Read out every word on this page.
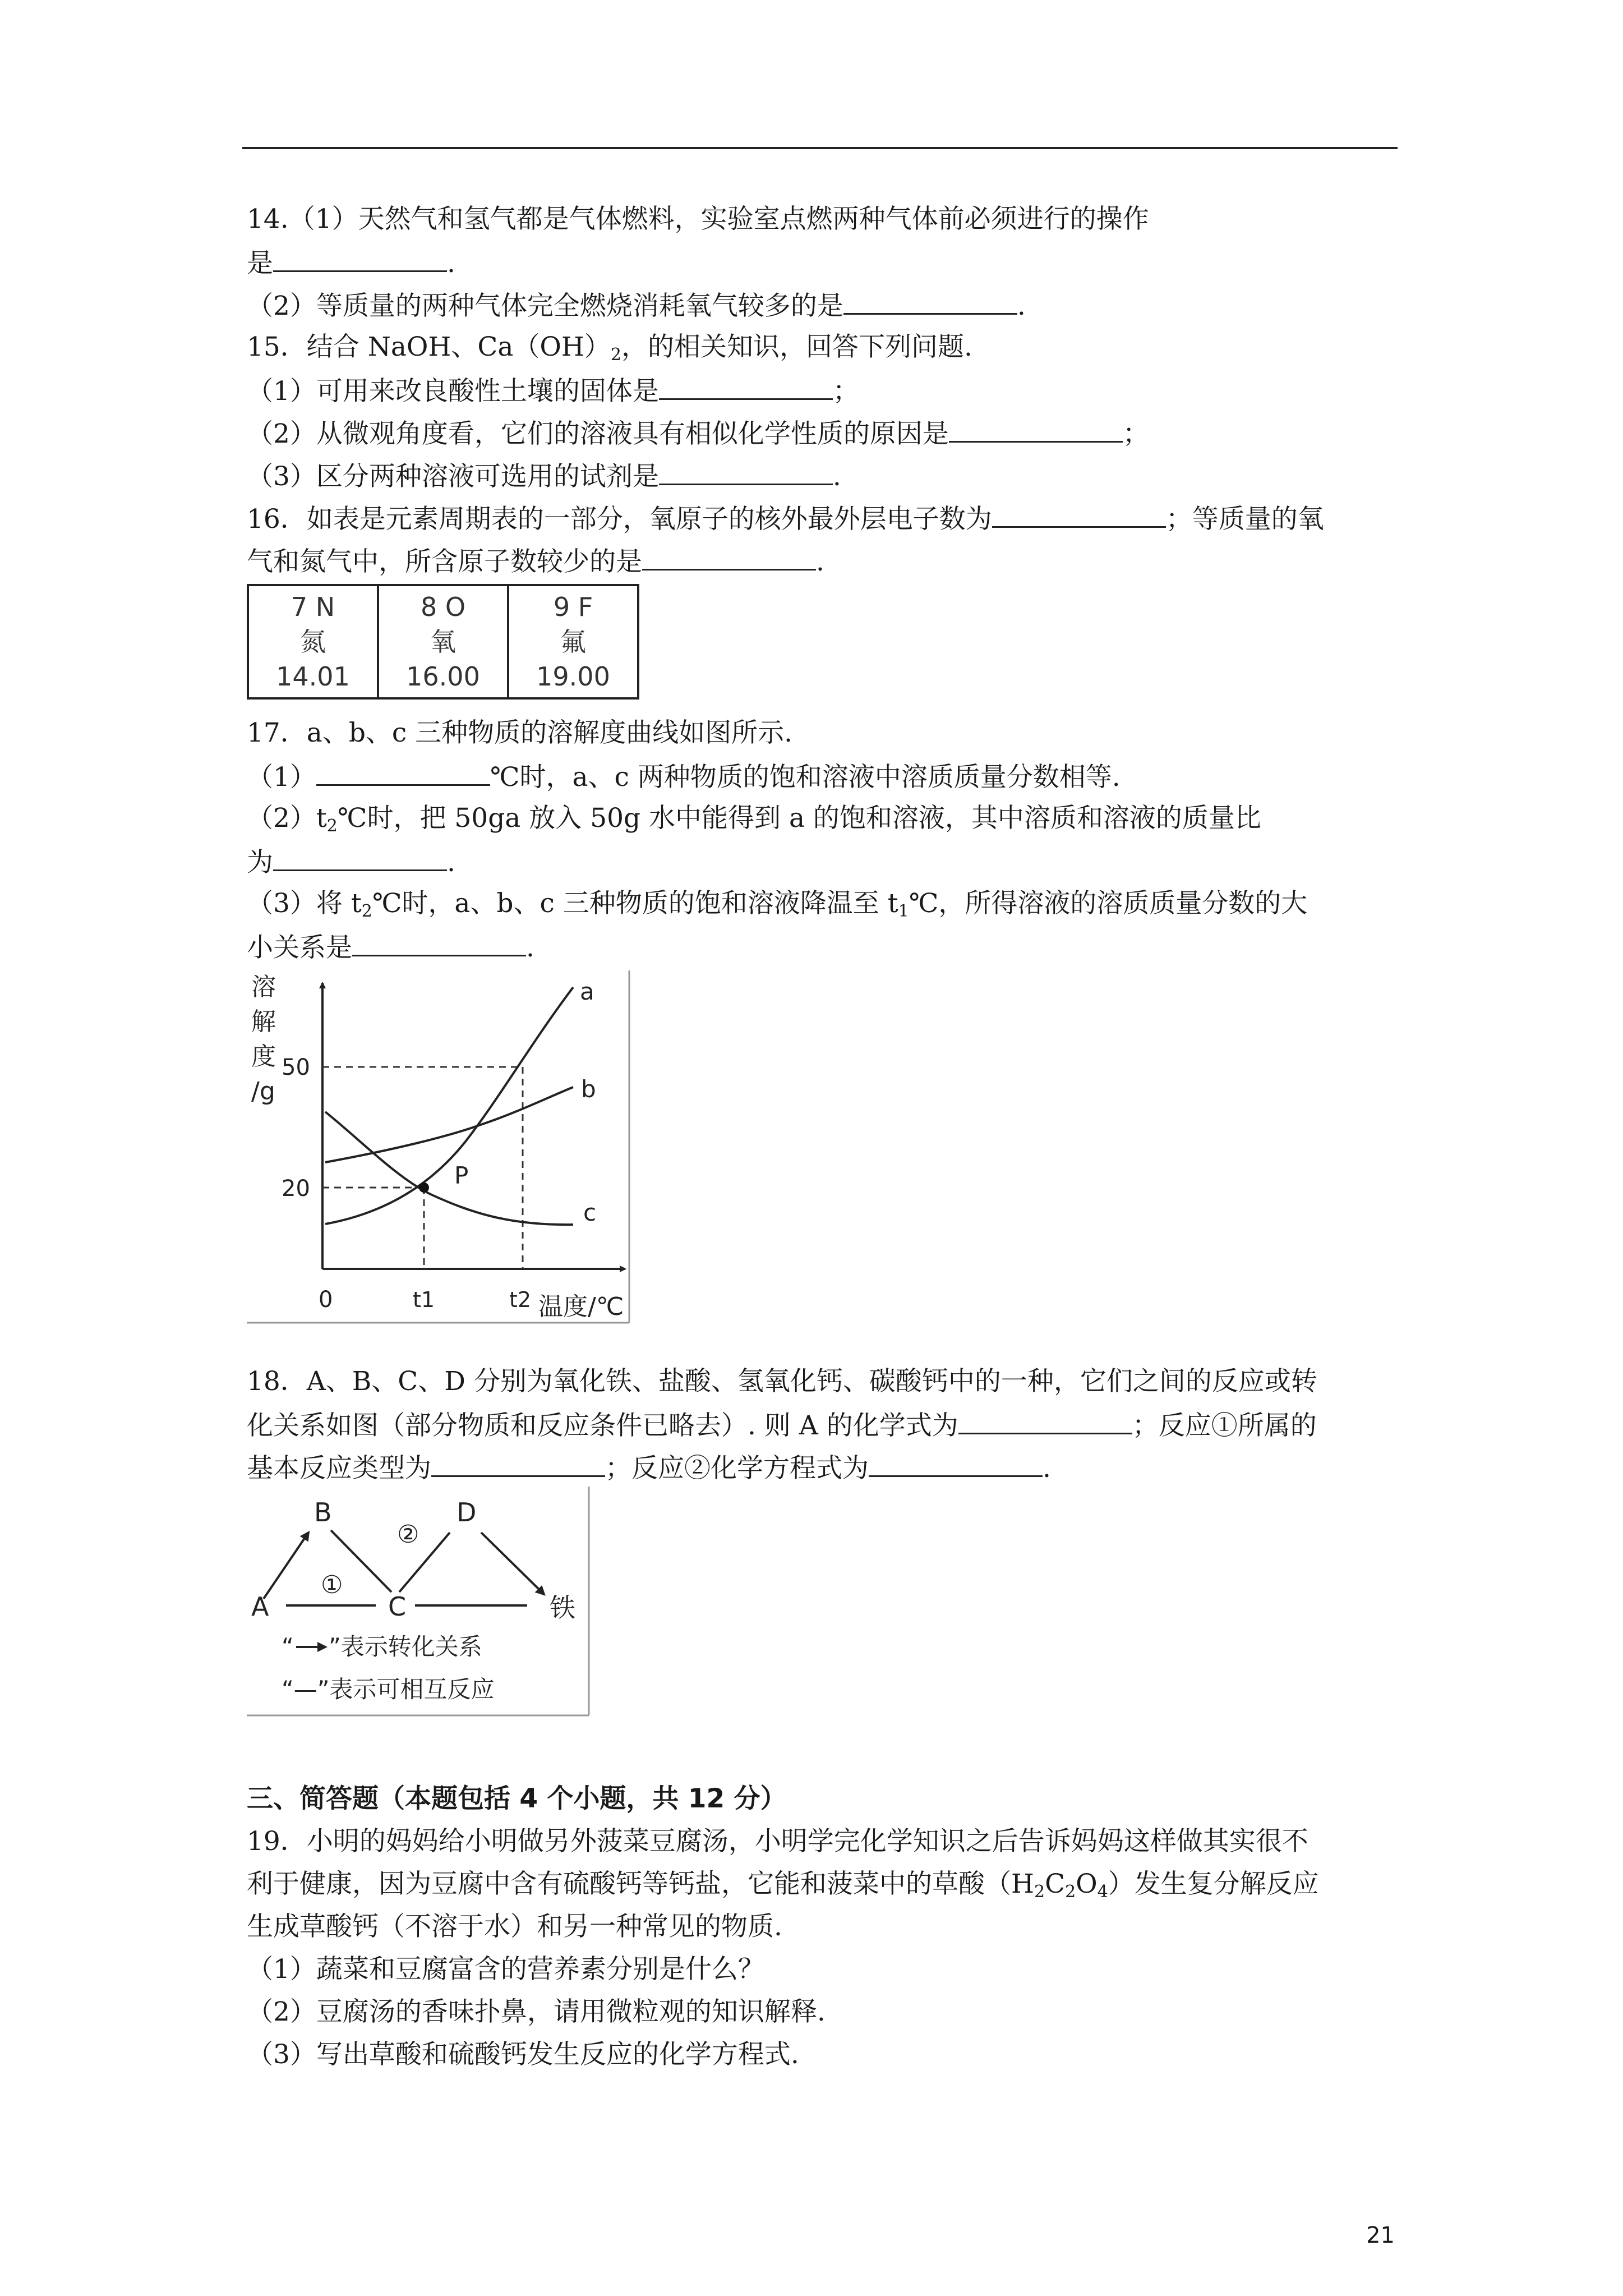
14.（1）天然气和氢气都是气体燃料，实验室点燃两种气体前必须进行的操作
是	.
（2）等质量的两种气体完全燃烧消耗氧气较多的是	.
15．结合 NaOH、$Ca(OH)_2$，的相关知识，回答下列问题.
（1）可用来改良酸性土壤的固体是	；
（2）从微观角度看，它们的溶液具有相似化学性质的原因是	；
（3）区分两种溶液可选用的试剂是	.
16．如表是元素周期表的一部分，氧原子的核外最外层电子数为	；等质量的氧
气和氮气中，所含原子数较少的是	.
7 N
氮
14.01

8 O
氧
16.00

9 F
氟
19.00
17．a、b、c 三种物质的溶解度曲线如图所示.
（1）	℃时，a、c 两种物质的饱和溶液中溶质质量分数相等.
$(2)t_2℃$时，把 50ga 放入 50g 水中能得到 a 的饱和溶液，其中溶质和溶液的质量比
为	.
（3）将 $t_2℃$时，a、b、c 三种物质的饱和溶液降温至 $t_1℃$，所得溶液的溶质质量分数的大
小关系是	.
溶
解
度
/g
50
20
0	t1	t2 温度/℃
a
b
c
P
18．A、B、C、D 分别为氧化铁、盐酸、氢氧化钙、碳酸钙中的一种，它们之间的反应或转
化关系如图（部分物质和反应条件已略去）. 则 A 的化学式为	；反应①所属的
基本反应类型为	；反应②化学方程式为	.
A
B
C
D
铁
①
②
“ ”表示转化关系
“—”表示可相互反应
三、简答题（本题包括 4 个小题，共 12 分）
19．小明的妈妈给小明做另外菠菜豆腐汤，小明学完化学知识之后告诉妈妈这样做其实很不
利于健康，因为豆腐中含有硫酸钙等钙盐，它能和菠菜中的草酸$(H_2C_2O_4)$发生复分解反应
生成草酸钙（不溶于水）和另一种常见的物质.
（1）蔬菜和豆腐富含的营养素分别是什么？
（2）豆腐汤的香味扑鼻，请用微粒观的知识解释.
（3）写出草酸和硫酸钙发生反应的化学方程式.
21
